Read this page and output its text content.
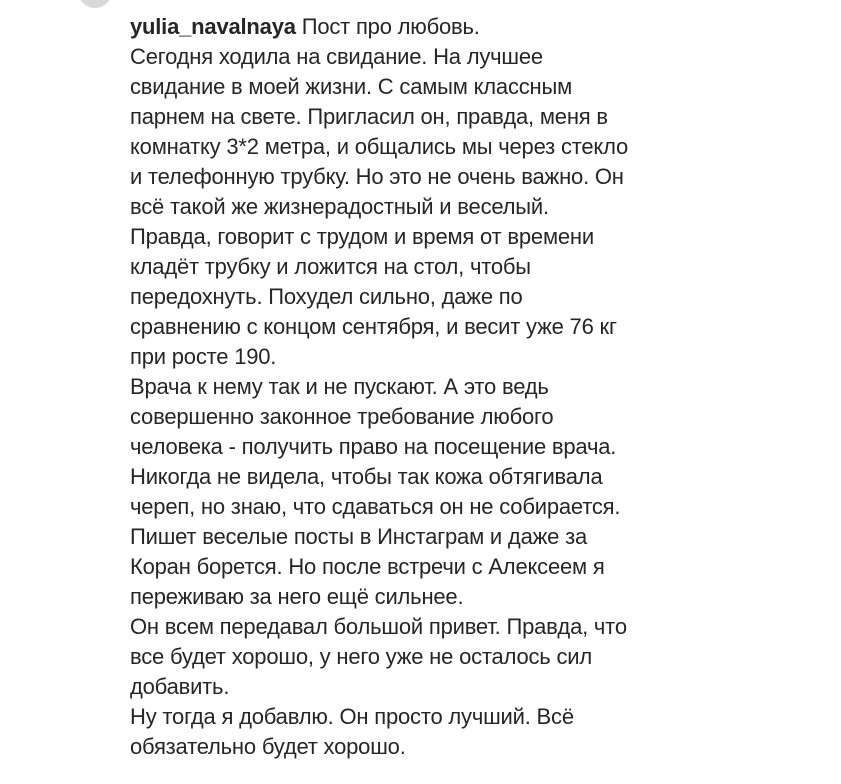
yulia_navalnaya Пост про любовь.
Сегодня ходила на свидание. На лучшее
свидание в моей жизни. С самым классным
парнем на свете. Пригласил он, правда, меня в
комнатку 3*2 метра, и общались мы через стекло
и телефонную трубку. Но это не очень важно. Он
всё такой же жизнерадостный и веселый.
Правда, говорит с трудом и время от времени
кладёт трубку и ложится на стол, чтобы
передохнуть. Похудел сильно, даже по
сравнению с концом сентября, и весит уже 76 кг
при росте 190.
Врача к нему так и не пускают. А это ведь
совершенно законное требование любого
человека - получить право на посещение врача.
Никогда не видела, чтобы так кожа обтягивала
череп, но знаю, что сдаваться он не собирается.
Пишет веселые посты в Инстаграм и даже за
Коран борется. Но после встречи с Алексеем я
переживаю за него ещё сильнее.
Он всем передавал большой привет. Правда, что
все будет хорошо, у него уже не осталось сил
добавить.
Ну тогда я добавлю. Он просто лучший. Всё
обязательно будет хорошо.
